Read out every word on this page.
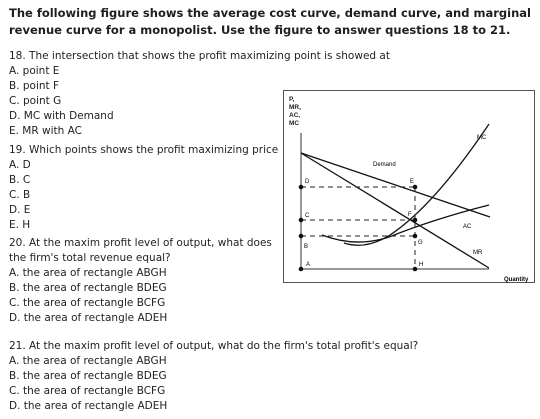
The following figure shows the average cost curve, demand curve, and marginal revenue curve for a monopolist. Use the figure to answer questions 18 to 21.
18. The intersection that shows the profit maximizing point is showed at
A. point E
B. point F
C. point G
D. MC with Demand
E. MR with AC
19. Which points shows the profit maximizing price
A. D
B. C
C. B
D. E
E. H
20. At the maxim profit level of output, what does the firm's total revenue equal?
A. the area of rectangle ABGH
B. the area of rectangle BDEG
C. the area of rectangle BCFG
D. the area of rectangle ADEH
21. At the maxim profit level of output, what do the firm's total profit's equal?
A. the area of rectangle ABGH
B. the area of rectangle BDEG
C. the area of rectangle BCFG
D. the area of rectangle ADEH
P,
MR,
AC,
MC
Quantity
Demand
MR
MC
AC
D
C
B
A
E
F
G
H
